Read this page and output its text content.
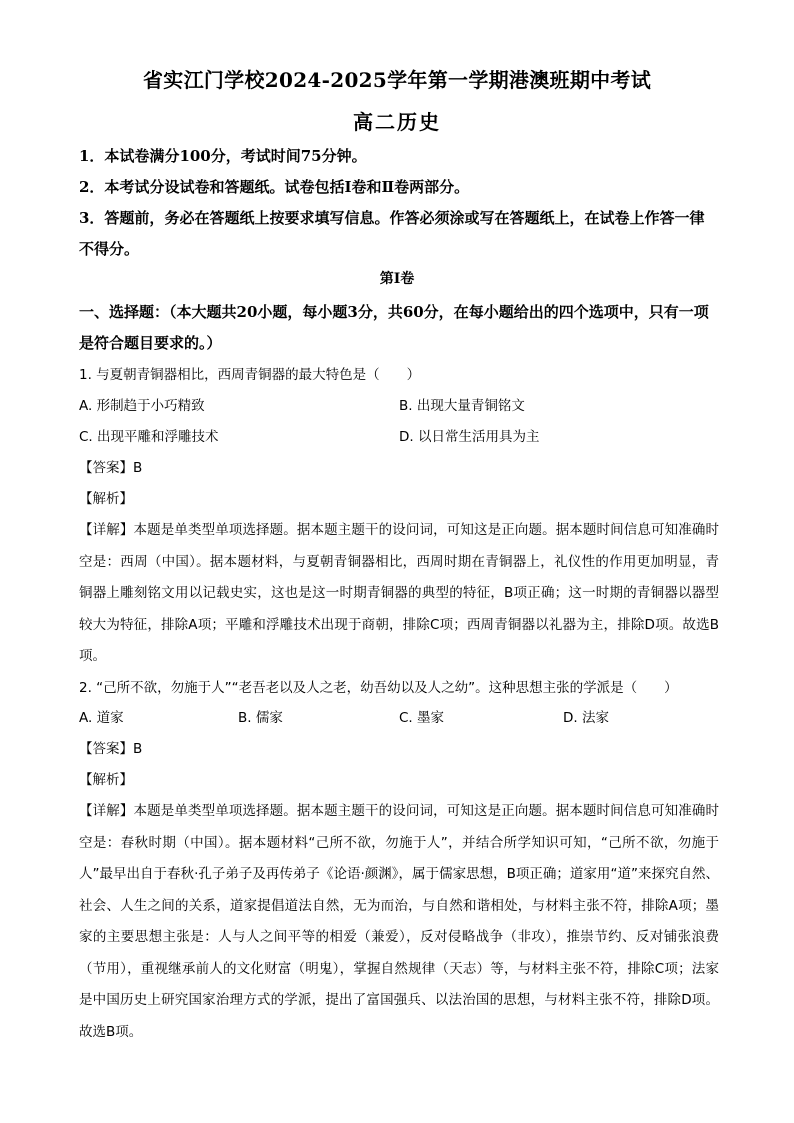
省实江门学校2024-2025学年第一学期港澳班期中考试
高二历史
1．本试卷满分100分，考试时间75分钟。
2．本考试分设试卷和答题纸。试卷包括Ⅰ卷和Ⅱ卷两部分。
3．答题前，务必在答题纸上按要求填写信息。作答必须涂或写在答题纸上，在试卷上作答一律不得分。
第Ⅰ卷
一、选择题：（本大题共20小题，每小题3分，共60分，在每小题给出的四个选项中，只有一项是符合题目要求的。）
1. 与夏朝青铜器相比，西周青铜器的最大特色是（　　）
A. 形制趋于小巧精致	B. 出现大量青铜铭文
C. 出现平雕和浮雕技术	D. 以日常生活用具为主
【答案】B
【解析】
【详解】本题是单类型单项选择题。据本题主题干的设问词，可知这是正向题。据本题时间信息可知准确时空是：西周（中国）。据本题材料，与夏朝青铜器相比，西周时期在青铜器上，礼仪性的作用更加明显，青铜器上雕刻铭文用以记载史实，这也是这一时期青铜器的典型的特征，B项正确；这一时期的青铜器以器型较大为特征，排除A项；平雕和浮雕技术出现于商朝，排除C项；西周青铜器以礼器为主，排除D项。故选B项。
2. “己所不欲，勿施于人”“老吾老以及人之老，幼吾幼以及人之幼”。这种思想主张的学派是（　　）
A. 道家	B. 儒家	C. 墨家	D. 法家
【答案】B
【解析】
【详解】本题是单类型单项选择题。据本题主题干的设问词，可知这是正向题。据本题时间信息可知准确时空是：春秋时期（中国）。据本题材料“己所不欲，勿施于人”，并结合所学知识可知，“己所不欲，勿施于人”最早出自于春秋·孔子弟子及再传弟子《论语·颜渊》，属于儒家思想，B项正确；道家用“道”来探究自然、社会、人生之间的关系，道家提倡道法自然，无为而治，与自然和谐相处，与材料主张不符，排除A项；墨家的主要思想主张是：人与人之间平等的相爱（兼爱），反对侵略战争（非攻），推崇节约、反对铺张浪费（节用），重视继承前人的文化财富（明鬼），掌握自然规律（天志）等，与材料主张不符，排除C项；法家是中国历史上研究国家治理方式的学派，提出了富国强兵、以法治国的思想，与材料主张不符，排除D项。故选B项。
